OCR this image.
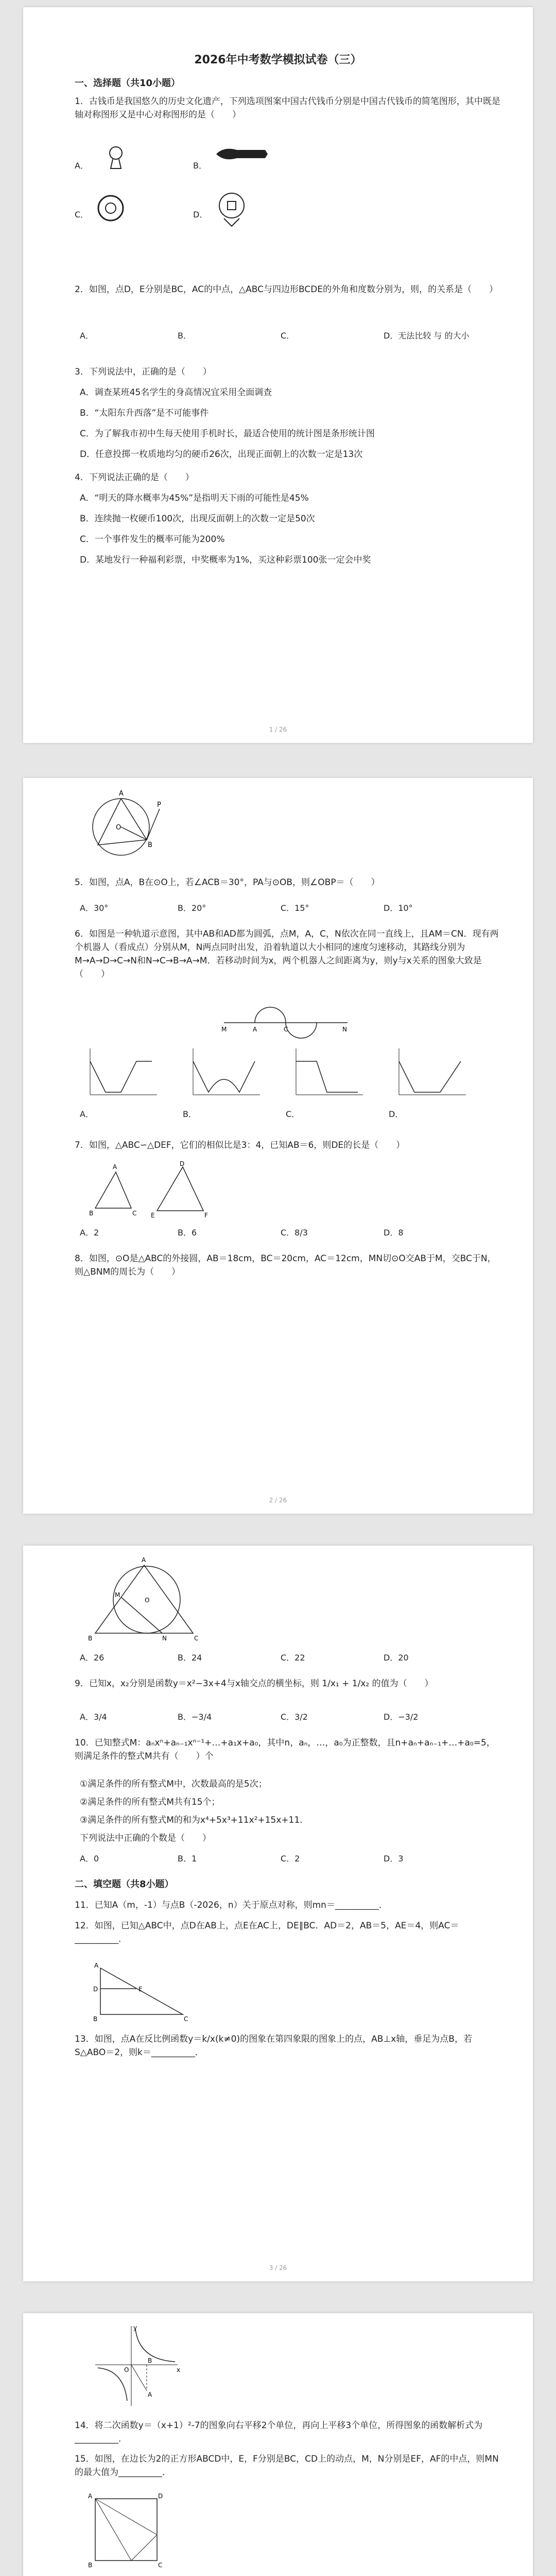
2026年中考数学模拟试卷（三）
一、选择题（共10小题）
1．古钱币是我国悠久的历史文化遗产，下列选项图案中国古代钱币分别是中国古代钱币的简笔图形，其中既是轴对称图形又是中心对称图形的是（　　）
A．	B．
C．	D．
2．如图，点D，E分别是BC，AC的中点，△ABC与四边形BCDE的外角和度数分别为，则，的关系是（　　）
A．	B．	C．	D．无法比较 与 的大小
3．下列说法中，正确的是（　　）
A．调查某班45名学生的身高情况宜采用全面调查
B．“太阳东升西落”是不可能事件
C．为了解我市初中生每天使用手机时长，最适合使用的统计图是条形统计图
D．任意投掷一枚质地均匀的硬币26次，出现正面朝上的次数一定是13次
4．下列说法正确的是（　　）
A．“明天的降水概率为45%”是指明天下雨的可能性是45%
B．连续抛一枚硬币100次，出现反面朝上的次数一定是50次
C．一个事件发生的概率可能为200%
D．某地发行一种福利彩票，中奖概率为1%，买这种彩票100张一定会中奖
1 / 26
A
B
O
P
5．如图，点A，B在⊙O上，若∠ACB＝30°，PA与⊙OB，则∠OBP＝（　　）
A．30°	B．20°	C．15°	D．10°
6．如图是一种轨道示意图，其中AB和AD都为圆弧，点M，A，C，N依次在同一直线上，且AM＝CN．现有两个机器人（看成点）分别从M，N两点同时出发，沿着轨道以大小相同的速度匀速移动，其路线分别为M→A→D→C→N和N→C→B→A→M．若移动时间为x，两个机器人之间距离为y，则y与x关系的图象大致是（　　）
M	A	C	N
A．	B．	C．	D．
7．如图，△ABC∽△DEF，它们的相似比是3：4，已知AB＝6，则DE的长是（　　）
A
B	C
D
E	F
A．2	B．6	C．8/3	D．8
8．如图，⊙O是△ABC的外接圆，AB＝18cm，BC＝20cm，AC＝12cm，MN切⊙O交AB于M，交BC于N，则△BNM的周长为（　　）
2 / 26
A
B	C
M
N
O
A．26	B．24	C．22	D．20
9．已知x，x₂分别是函数y＝x²−3x+4与x轴交点的横坐标，则 1/x₁ + 1/x₂ 的值为（　　）
A．3/4	B．−3/4	C．3/2	D．−3/2
10．已知整式M：aₙxⁿ+aₙ₋₁xⁿ⁻¹+…+a₁x+a₀，其中n，aₙ，…，a₀为正整数，且n+aₙ+aₙ₋₁+…+a₀=5，则满足条件的整式M共有（　　）个
①满足条件的所有整式M中，次数最高的是5次；
②满足条件的所有整式M共有15个；
③满足条件的所有整式M的和为x⁴+5x³+11x²+15x+11．
下列说法中正确的个数是（　　）
A．0	B．1	C．2	D．3
二、填空题（共8小题）
11．已知A（m，-1）与点B（-2026，n）关于原点对称，则mn＝__________．
12．如图，已知△ABC中，点D在AB上，点E在AC上，DE∥BC．AD＝2，AB＝5，AE＝4，则AC＝__________．
A
B	C
D	E
13．如图，点A在反比例函数y＝k/x(k≠0)的图象在第四象限的图象上的点，AB⊥x轴，垂足为点B，若S△ABO＝2，则k＝__________．
3 / 26
y
x
O
A
B
14．将二次函数y＝（x+1）²-7的图象向右平移2个单位，再向上平移3个单位，所得图象的函数解析式为__________．
15．如图，在边长为2的正方形ABCD中，E，F分别是BC，CD上的动点，M，N分别是EF，AF的中点，则MN的最大值为__________．
A	D
B	C
